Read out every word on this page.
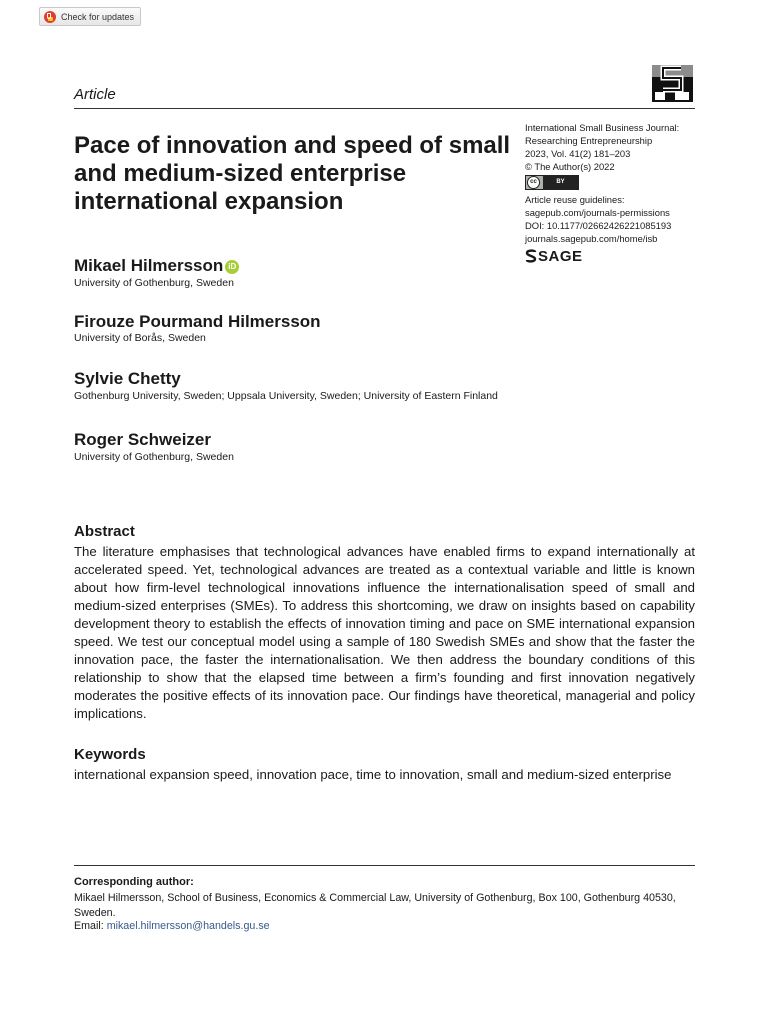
Check for updates
Article
Pace of innovation and speed of small and medium-sized enterprise international expansion
International Small Business Journal:
Researching Entrepreneurship
2023, Vol. 41(2) 181–203
© The Author(s) 2022
cc	BY
Article reuse guidelines:
sagepub.com/journals-permissions
DOI: 10.1177/02662426221085193
journals.sagepub.com/home/isb
SAGE
Mikael Hilmersson iD
University of Gothenburg, Sweden
Firouze Pourmand Hilmersson
University of Borås, Sweden
Sylvie Chetty
Gothenburg University, Sweden; Uppsala University, Sweden; University of Eastern Finland
Roger Schweizer
University of Gothenburg, Sweden
Abstract
The literature emphasises that technological advances have enabled firms to expand internationally at accelerated speed. Yet, technological advances are treated as a contextual variable and little is known about how firm-level technological innovations influence the internationalisation speed of small and medium-sized enterprises (SMEs). To address this shortcoming, we draw on insights based on capability development theory to establish the effects of innovation timing and pace on SME international expansion speed. We test our conceptual model using a sample of 180 Swedish SMEs and show that the faster the innovation pace, the faster the internationalisation. We then address the boundary conditions of this relationship to show that the elapsed time between a firm’s founding and first innovation negatively moderates the positive effects of its innovation pace. Our findings have theoretical, managerial and policy implications.
Keywords
international expansion speed, innovation pace, time to innovation, small and medium-sized enterprise
Corresponding author:
Mikael Hilmersson, School of Business, Economics & Commercial Law, University of Gothenburg, Box 100, Gothenburg 40530, Sweden.
Email: mikael.hilmersson@handels.gu.se
